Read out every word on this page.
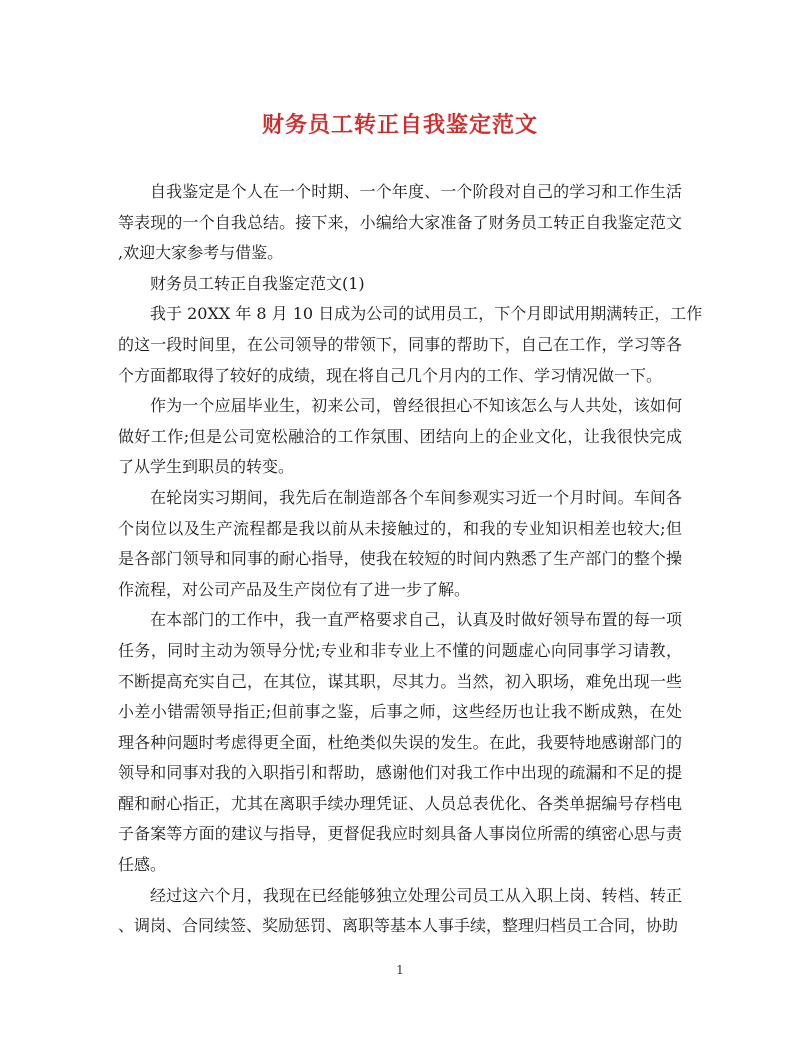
财务员工转正自我鉴定范文

自我鉴定是个人在一个时期、一个年度、一个阶段对自己的学习和工作生活
等表现的一个自我总结。接下来，小编给大家准备了财务员工转正自我鉴定范文
,欢迎大家参考与借鉴。

财务员工转正自我鉴定范文(1)

我于 20XX 年 8 月 10 日成为公司的试用员工，下个月即试用期满转正，工作
的这一段时间里，在公司领导的带领下，同事的帮助下，自己在工作，学习等各
个方面都取得了较好的成绩，现在将自己几个月内的工作、学习情况做一下。

作为一个应届毕业生，初来公司，曾经很担心不知该怎么与人共处，该如何
做好工作;但是公司宽松融洽的工作氛围、团结向上的企业文化，让我很快完成
了从学生到职员的转变。

在轮岗实习期间，我先后在制造部各个车间参观实习近一个月时间。车间各
个岗位以及生产流程都是我以前从未接触过的，和我的专业知识相差也较大;但
是各部门领导和同事的耐心指导，使我在较短的时间内熟悉了生产部门的整个操
作流程，对公司产品及生产岗位有了进一步了解。

在本部门的工作中，我一直严格要求自己，认真及时做好领导布置的每一项
任务，同时主动为领导分忧;专业和非专业上不懂的问题虚心向同事学习请教，
不断提高充实自己，在其位，谋其职，尽其力。当然，初入职场，难免出现一些
小差小错需领导指正;但前事之鉴，后事之师，这些经历也让我不断成熟，在处
理各种问题时考虑得更全面，杜绝类似失误的发生。在此，我要特地感谢部门的
领导和同事对我的入职指引和帮助，感谢他们对我工作中出现的疏漏和不足的提
醒和耐心指正，尤其在离职手续办理凭证、人员总表优化、各类单据编号存档电
子备案等方面的建议与指导，更督促我应时刻具备人事岗位所需的缜密心思与责
任感。

经过这六个月，我现在已经能够独立处理公司员工从入职上岗、转档、转正
、调岗、合同续签、奖励惩罚、离职等基本人事手续，整理归档员工合同，协助

1
